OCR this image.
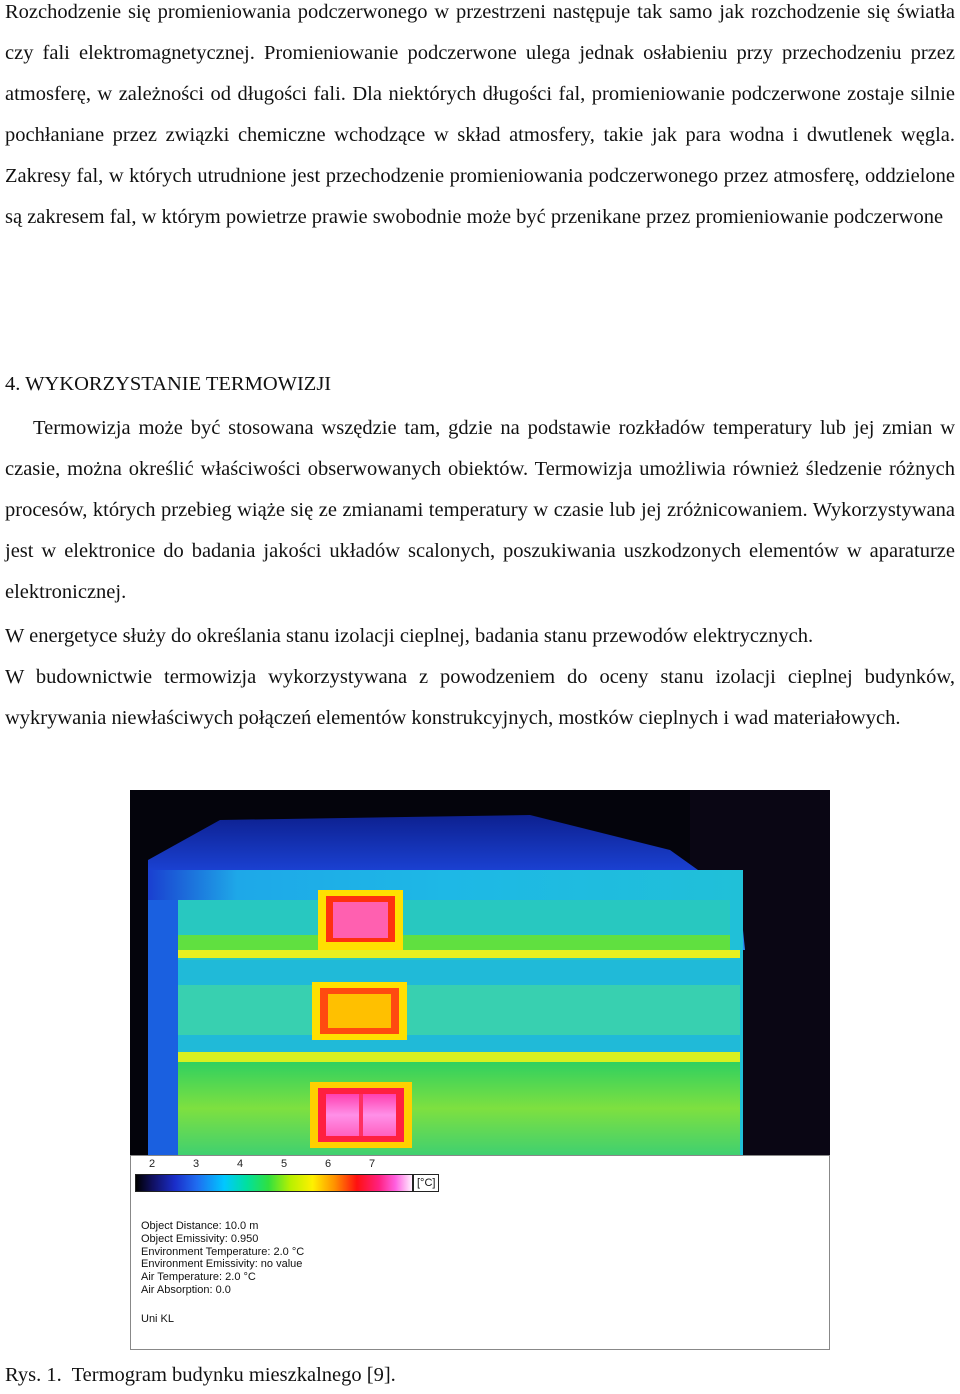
Rozchodzenie się promieniowania podczerwonego w przestrzeni następuje tak samo jak rozchodzenie się światła czy fali elektromagnetycznej. Promieniowanie podczerwone ulega jednak osłabieniu przy przechodzeniu przez atmosferę, w zależności od długości fali. Dla niektórych długości fal, promieniowanie podczerwone zostaje silnie pochłaniane przez związki chemiczne wchodzące w skład atmosfery, takie jak para wodna i dwutlenek węgla. Zakresy fal, w których utrudnione jest przechodzenie promieniowania podczerwonego przez atmosferę, oddzielone są zakresem fal, w którym powietrze prawie swobodnie może być przenikane przez promieniowanie podczerwone

4. WYKORZYSTANIE TERMOWIZJI

Termowizja może być stosowana wszędzie tam, gdzie na podstawie rozkładów temperatury lub jej zmian w czasie, można określić właściwości obserwowanych obiektów. Termowizja umożliwia również śledzenie różnych procesów, których przebieg wiąże się ze zmianami temperatury w czasie lub jej zróżnicowaniem. Wykorzystywana jest w elektronice do badania jakości układów scalonych, poszukiwania uszkodzonych elementów w aparaturze elektronicznej.

W energetyce służy do określania stanu izolacji cieplnej, badania stanu przewodów elektrycznych.

W budownictwie termowizja wykorzystywana z powodzeniem do oceny stanu izolacji cieplnej budynków, wykrywania niewłaściwych połączeń elementów konstrukcyjnych, mostków cieplnych i wad materiałowych.

2	3	4	5	6	7
[°C]
Object Distance: 10.0 m
Object Emissivity: 0.950
Environment Temperature: 2.0 °C
Environment Emissivity: no value
Air Temperature: 2.0 °C
Air Absorption: 0.0
Uni KL

Rys. 1.  Termogram budynku mieszkalnego [9].
